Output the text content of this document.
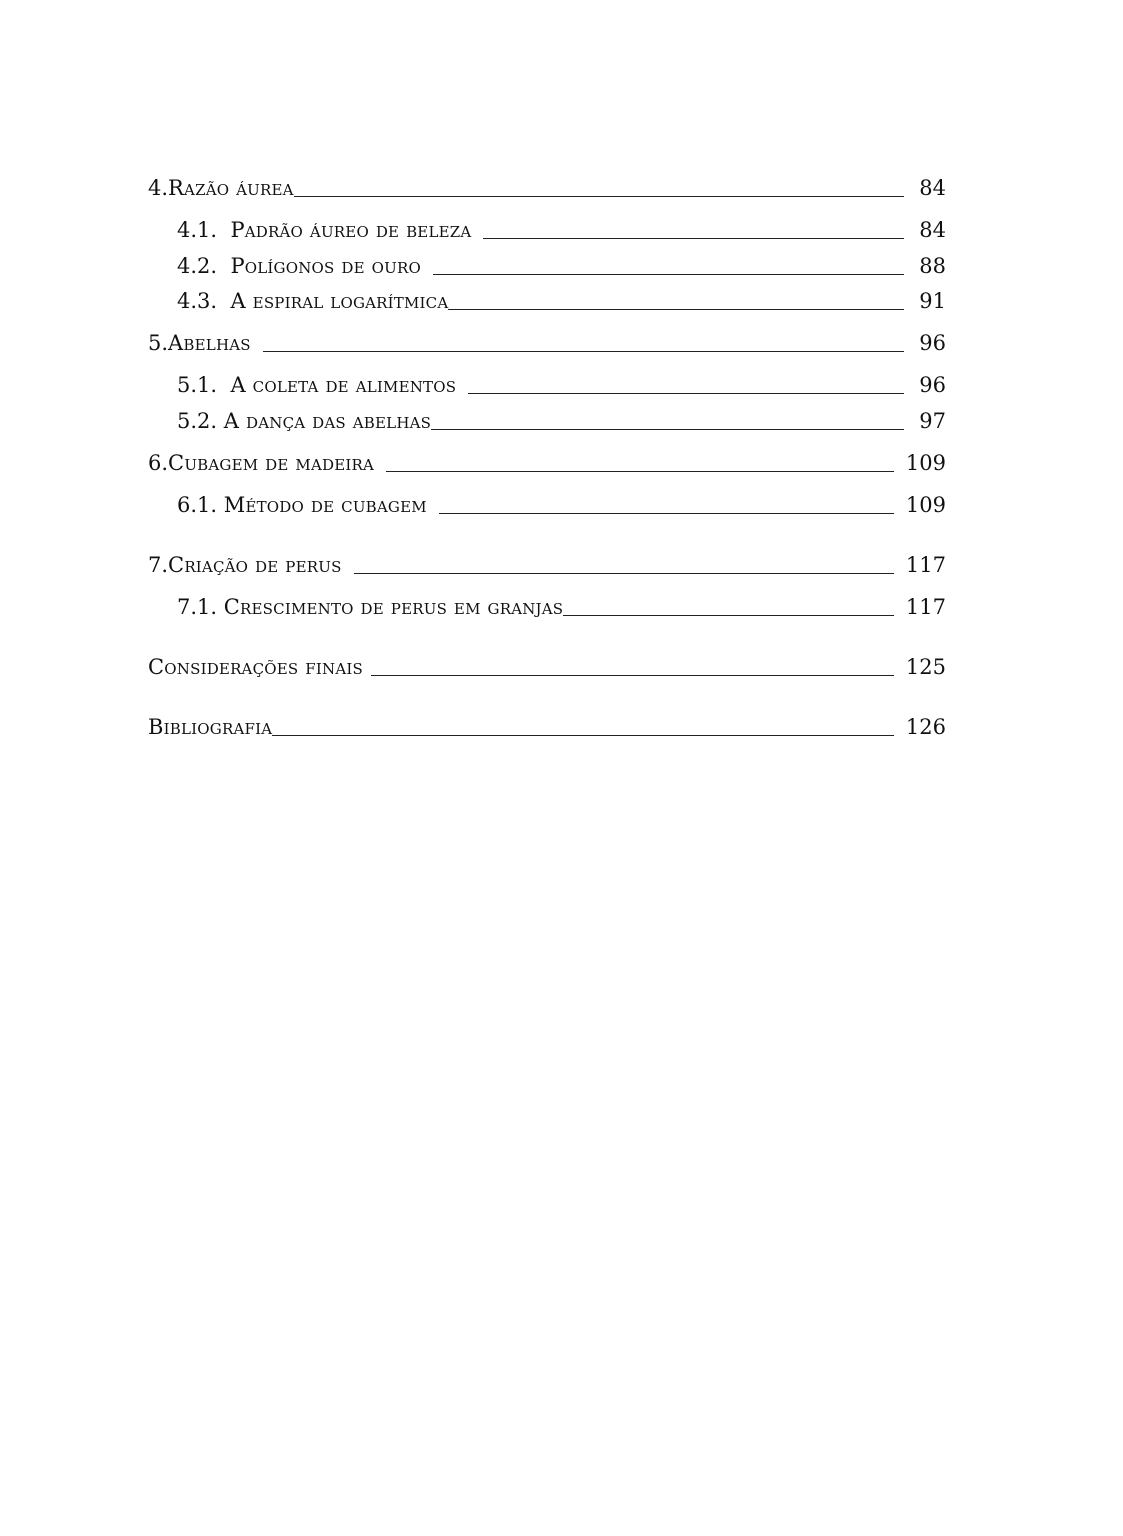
4. Razão áurea	84
4.1. Padrão áureo de beleza	84
4.2. Polígonos de ouro	88
4.3. A espiral logarítmica	91
5. Abelhas	96
5.1. A coleta de alimentos	96
5.2. A dança das abelhas	97
6. Cubagem de madeira	109
6.1. Método de cubagem	109
7. Criação de perus	117
7.1. Crescimento de perus em granjas	117
Considerações finais	125
Bibliografia	126
